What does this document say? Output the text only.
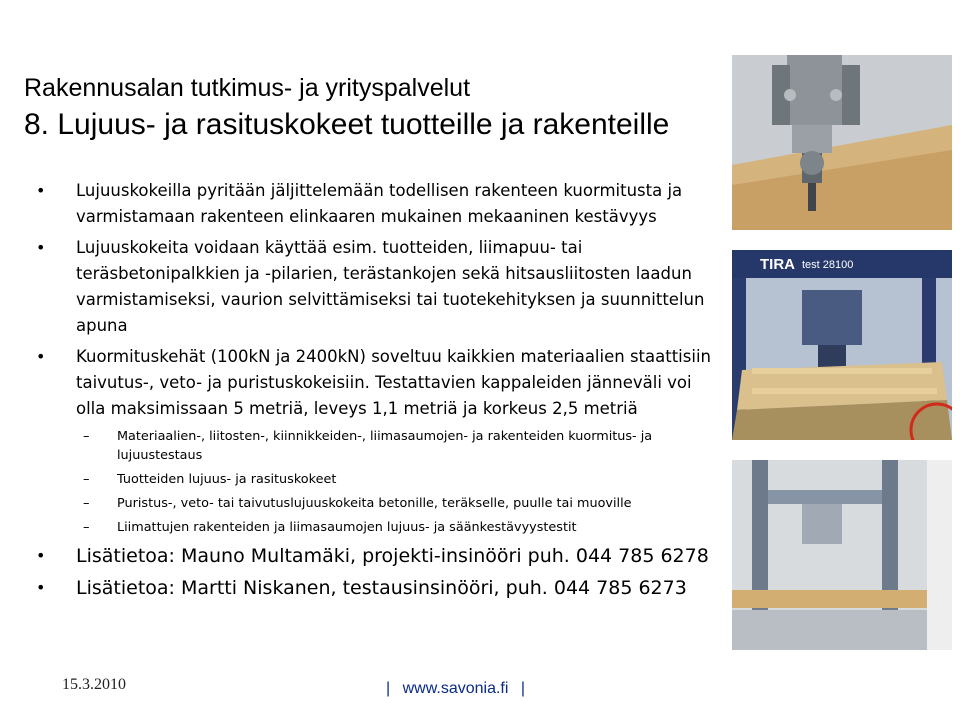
Rakennusalan tutkimus- ja yrityspalvelut
8. Lujuus- ja rasituskokeet tuotteille ja rakenteille
• Lujuuskokeilla pyritään jäljittelemään todellisen rakenteen kuormitusta ja varmistamaan rakenteen elinkaaren mukainen mekaaninen kestävyys
• Lujuuskokeita voidaan käyttää esim. tuotteiden, liimapuu- tai teräsbetonipalkkien ja -pilarien, terästankojen sekä hitsausliitosten laadun varmistamiseksi, vaurion selvittämiseksi tai tuotekehityksen ja suunnittelun apuna
• Kuormituskehät (100kN ja 2400kN) soveltuu kaikkien materiaalien staattisiin taivutus-, veto- ja puristuskokeisiin. Testattavien kappaleiden jänneväli voi olla maksimissaan 5 metriä, leveys 1,1 metriä ja korkeus 2,5 metriä
– Materiaalien-, liitosten-, kiinnikkeiden-, liimasaumojen- ja rakenteiden kuormitus- ja lujuustestaus
– Tuotteiden lujuus- ja rasituskokeet
– Puristus-, veto- tai taivutuslujuuskokeita betonille, teräkselle, puulle tai muoville
– Liimattujen rakenteiden ja liimasaumojen lujuus- ja säänkestävyystestit
• Lisätietoa: Mauno Multamäki, projekti-insinööri puh. 044 785 6278
• Lisätietoa: Martti Niskanen, testausinsinööri, puh. 044 785 6273
TIRA test 28100
15.3.2010	| www.savonia.fi |
